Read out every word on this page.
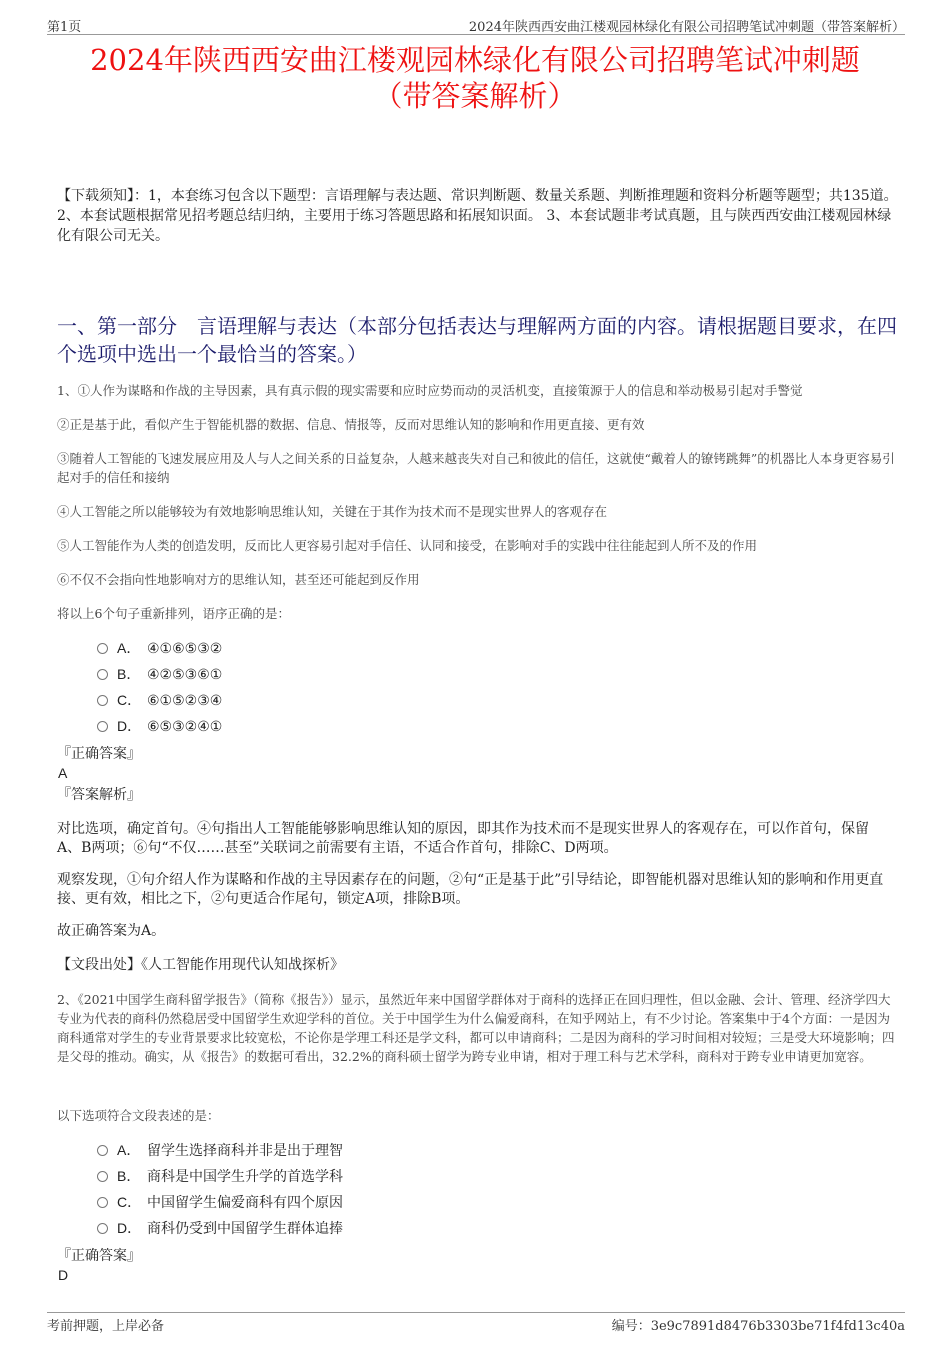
第1页	2024年陕西西安曲江楼观园林绿化有限公司招聘笔试冲刺题（带答案解析）
2024年陕西西安曲江楼观园林绿化有限公司招聘笔试冲刺题
（带答案解析）
【下载须知】：1，本套练习包含以下题型：言语理解与表达题、常识判断题、数量关系题、判断推理题和资料分析题等题型；共135道。 2、本套试题根据常见招考题总结归纳，主要用于练习答题思路和拓展知识面。 3、本套试题非考试真题，且与陕西西安曲江楼观园林绿化有限公司无关。
一、第一部分　言语理解与表达（本部分包括表达与理解两方面的内容。请根据题目要求，在四个选项中选出一个最恰当的答案。）
1、①人作为谋略和作战的主导因素，具有真示假的现实需要和应时应势而动的灵活机变，直接策源于人的信息和举动极易引起对手警觉
②正是基于此，看似产生于智能机器的数据、信息、情报等，反而对思维认知的影响和作用更直接、更有效
③随着人工智能的飞速发展应用及人与人之间关系的日益复杂，人越来越丧失对自己和彼此的信任，这就使“戴着人的镣铐跳舞”的机器比人本身更容易引起对手的信任和接纳
④人工智能之所以能够较为有效地影响思维认知，关键在于其作为技术而不是现实世界人的客观存在
⑤人工智能作为人类的创造发明，反而比人更容易引起对手信任、认同和接受，在影响对手的实践中往往能起到人所不及的作用
⑥不仅不会指向性地影响对方的思维认知，甚至还可能起到反作用
将以上6个句子重新排列，语序正确的是：
A． ④①⑥⑤③②
B． ④②⑤③⑥①
C． ⑥①⑤②③④
D． ⑥⑤③②④①
『正确答案』
A
『答案解析』
对比选项，确定首句。④句指出人工智能能够影响思维认知的原因，即其作为技术而不是现实世界人的客观存在，可以作首句，保留A、B两项；⑥句“不仅……甚至”关联词之前需要有主语，不适合作首句，排除C、D两项。
观察发现，①句介绍人作为谋略和作战的主导因素存在的问题，②句“正是基于此”引导结论，即智能机器对思维认知的影响和作用更直接、更有效，相比之下，②句更适合作尾句，锁定A项，排除B项。
故正确答案为A。
【文段出处】《人工智能作用现代认知战探析》
2、《2021中国学生商科留学报告》（简称《报告》）显示，虽然近年来中国留学群体对于商科的选择正在回归理性，但以金融、会计、管理、经济学四大专业为代表的商科仍然稳居受中国留学生欢迎学科的首位。关于中国学生为什么偏爱商科，在知乎网站上，有不少讨论。答案集中于4个方面：一是因为商科通常对学生的专业背景要求比较宽松，不论你是学理工科还是学文科，都可以申请商科；二是因为商科的学习时间相对较短；三是受大环境影响；四是父母的推动。确实，从《报告》的数据可看出，32.2%的商科硕士留学为跨专业申请，相对于理工科与艺术学科，商科对于跨专业申请更加宽容。
以下选项符合文段表述的是：
A． 留学生选择商科并非是出于理智
B． 商科是中国学生升学的首选学科
C． 中国留学生偏爱商科有四个原因
D． 商科仍受到中国留学生群体追捧
『正确答案』
D
考前押题，上岸必备	编号：3e9c7891d8476b3303be71f4fd13c40a
